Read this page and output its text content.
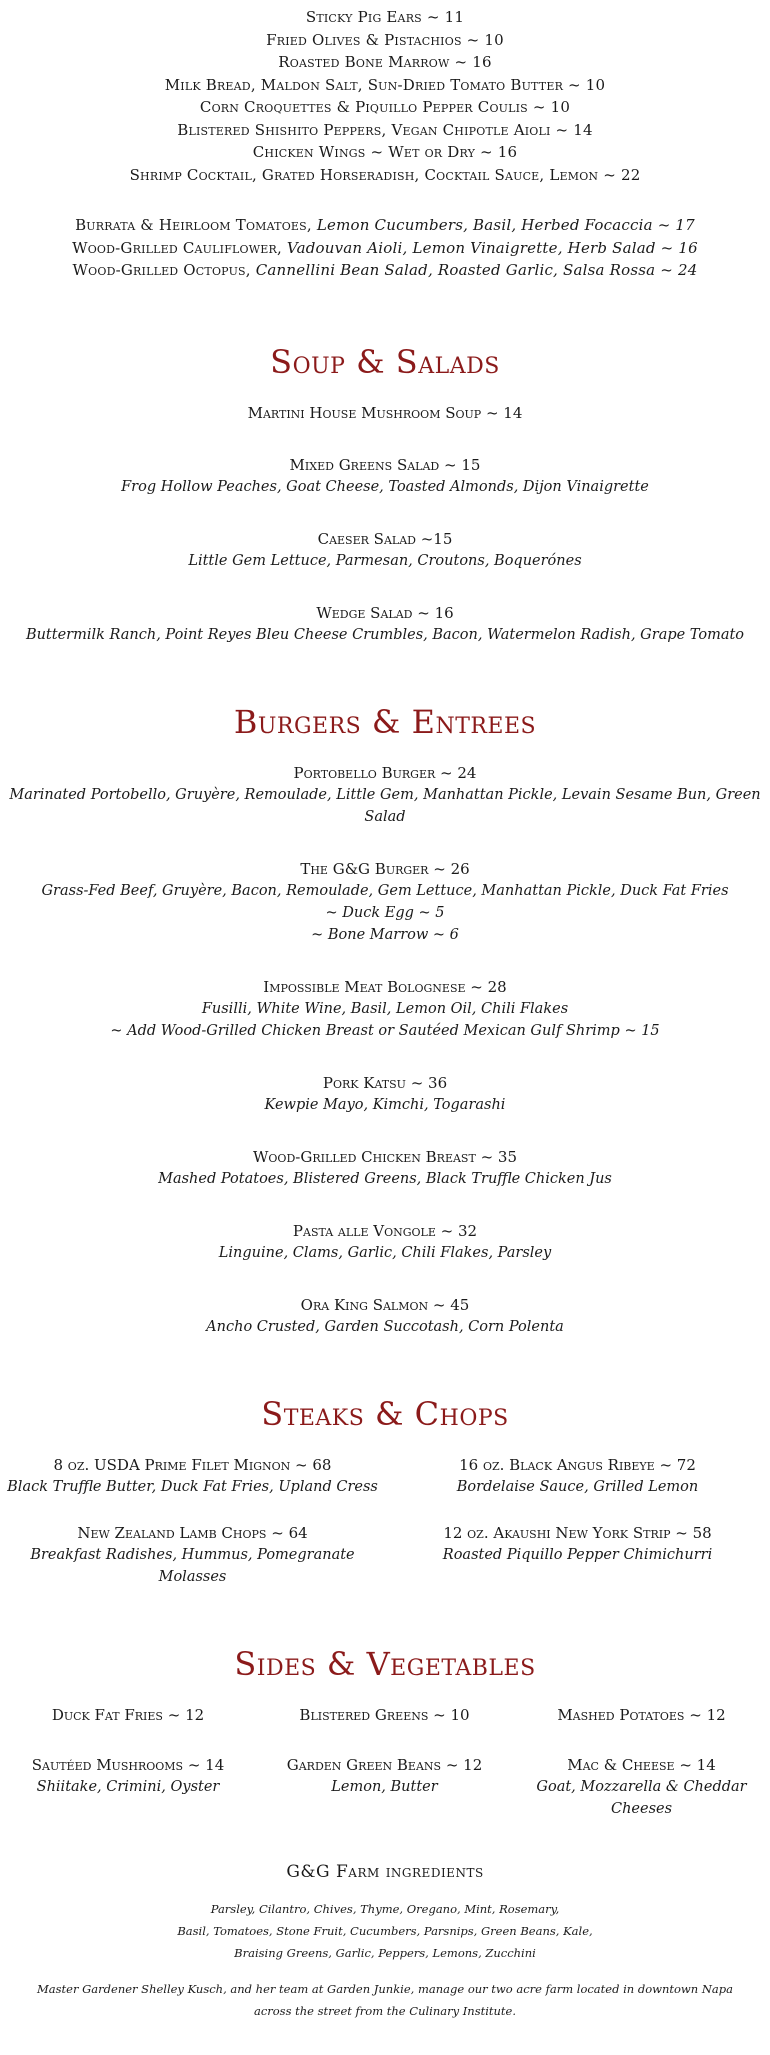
Sticky Pig Ears ~ 11
Fried Olives & Pistachios ~ 10
Roasted Bone Marrow ~ 16
Milk Bread, Maldon Salt, Sun-Dried Tomato Butter ~ 10
Corn Croquettes & Piquillo Pepper Coulis ~ 10
Blistered Shishito Peppers, Vegan Chipotle Aioli ~ 14
Chicken Wings ~ Wet or Dry ~ 16
Shrimp Cocktail, Grated Horseradish, Cocktail Sauce, Lemon ~ 22
Burrata & Heirloom Tomatoes, Lemon Cucumbers, Basil, Herbed Focaccia ~ 17
Wood-Grilled Cauliflower, Vadouvan Aioli, Lemon Vinaigrette, Herb Salad ~ 16
Wood-Grilled Octopus, Cannellini Bean Salad, Roasted Garlic, Salsa Rossa ~ 24
Soup & Salads
Martini House Mushroom Soup ~ 14
Mixed Greens Salad ~ 15
Frog Hollow Peaches, Goat Cheese, Toasted Almonds, Dijon Vinaigrette
Caeser Salad ~15
Little Gem Lettuce, Parmesan, Croutons, Boquerónes
Wedge Salad ~ 16
Buttermilk Ranch, Point Reyes Bleu Cheese Crumbles, Bacon, Watermelon Radish, Grape Tomato
Burgers & Entrees
Portobello Burger ~ 24
Marinated Portobello, Gruyère, Remoulade, Little Gem, Manhattan Pickle, Levain Sesame Bun, Green Salad
The G&G Burger ~ 26
Grass-Fed Beef, Gruyère, Bacon, Remoulade, Gem Lettuce, Manhattan Pickle, Duck Fat Fries
~ Duck Egg ~ 5
~ Bone Marrow ~ 6
Impossible Meat Bolognese ~ 28
Fusilli, White Wine, Basil, Lemon Oil, Chili Flakes
~ Add Wood-Grilled Chicken Breast or Sautéed Mexican Gulf Shrimp ~ 15
Pork Katsu ~ 36
Kewpie Mayo, Kimchi, Togarashi
Wood-Grilled Chicken Breast ~ 35
Mashed Potatoes, Blistered Greens, Black Truffle Chicken Jus
Pasta alle Vongole ~ 32
Linguine, Clams, Garlic, Chili Flakes, Parsley
Ora King Salmon ~ 45
Ancho Crusted, Garden Succotash, Corn Polenta
Steaks & Chops
8 oz. USDA Prime Filet Mignon ~ 68
Black Truffle Butter, Duck Fat Fries, Upland Cress
16 oz. Black Angus Ribeye ~ 72
Bordelaise Sauce, Grilled Lemon
New Zealand Lamb Chops ~ 64
Breakfast Radishes, Hummus, Pomegranate Molasses
12 oz. Akaushi New York Strip ~ 58
Roasted Piquillo Pepper Chimichurri
Sides & Vegetables
Duck Fat Fries ~ 12	Blistered Greens ~ 10	Mashed Potatoes ~ 12
Sautéed Mushrooms ~ 14
Shiitake, Crimini, Oyster
Garden Green Beans ~ 12
Lemon, Butter
Mac & Cheese ~ 14
Goat, Mozzarella & Cheddar Cheeses
G&G Farm ingredients
Parsley, Cilantro, Chives, Thyme, Oregano, Mint, Rosemary,
Basil, Tomatoes, Stone Fruit, Cucumbers, Parsnips, Green Beans, Kale,
Braising Greens, Garlic, Peppers, Lemons, Zucchini
Master Gardener Shelley Kusch, and her team at Garden Junkie, manage our two acre farm located in downtown Napa across the street from the Culinary Institute.
